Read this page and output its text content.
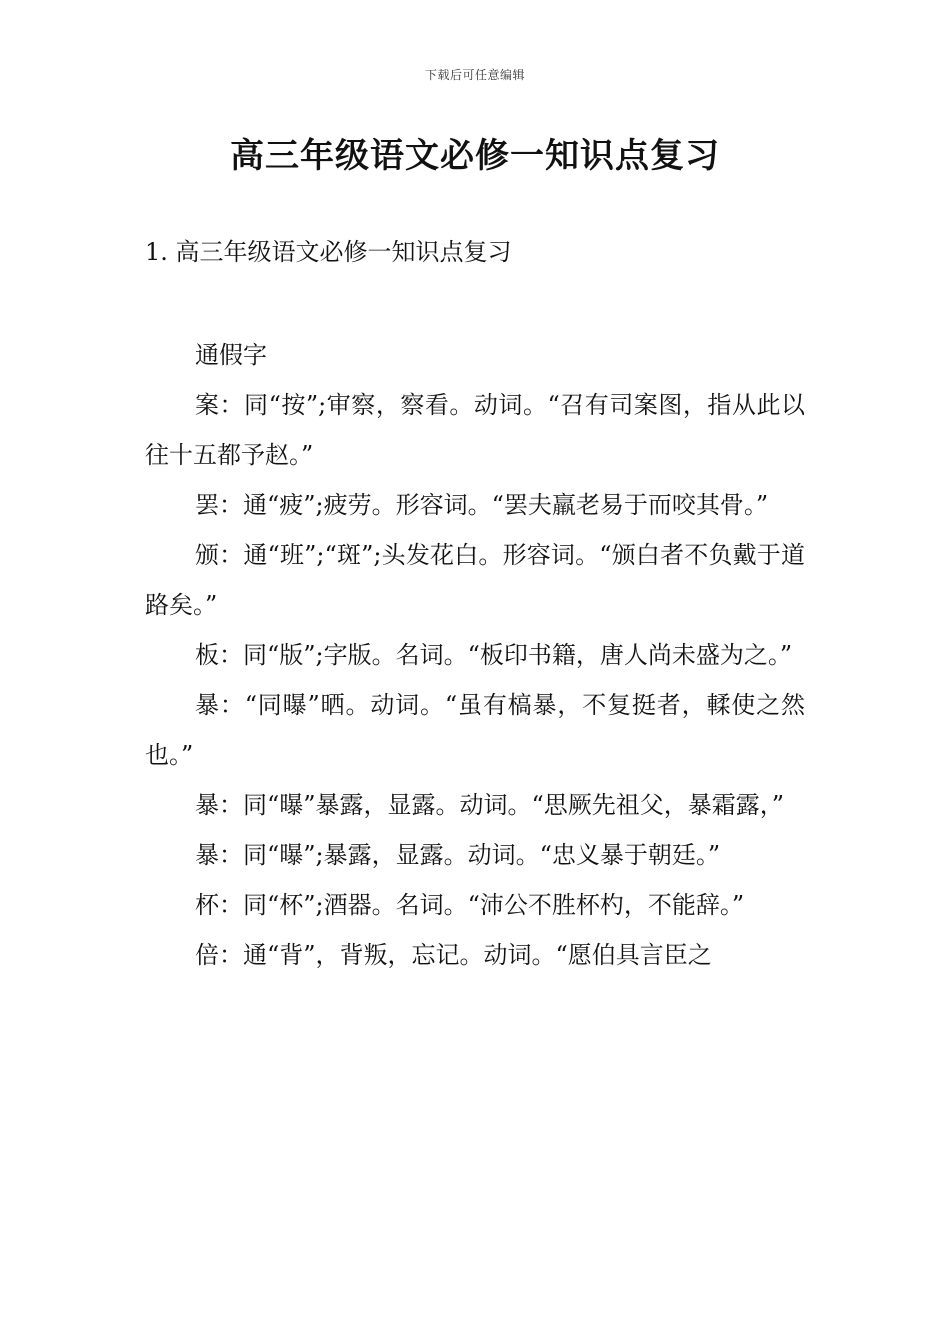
下载后可任意编辑
高三年级语文必修一知识点复习
1. 高三年级语文必修一知识点复习

通假字

案：同“按”;审察，察看。动词。“召有司案图，指从此以往十五都予赵。”

罢：通“疲”;疲劳。形容词。“罢夫羸老易于而咬其骨。”

颁：通“班”;“斑”;头发花白。形容词。“颁白者不负戴于道路矣。”

板：同“版”;字版。名词。“板印书籍，唐人尚未盛为之。”

暴：“同曝”晒。动词。“虽有槁暴，不复挺者，輮使之然也。”

暴：同“曝”暴露，显露。动词。“思厥先祖父，暴霜露，”

暴：同“曝”;暴露，显露。动词。“忠义暴于朝廷。”

杯：同“杯”;酒器。名词。“沛公不胜杯杓，不能辞。”

倍：通“背”，背叛，忘记。动词。“愿伯具言臣之
